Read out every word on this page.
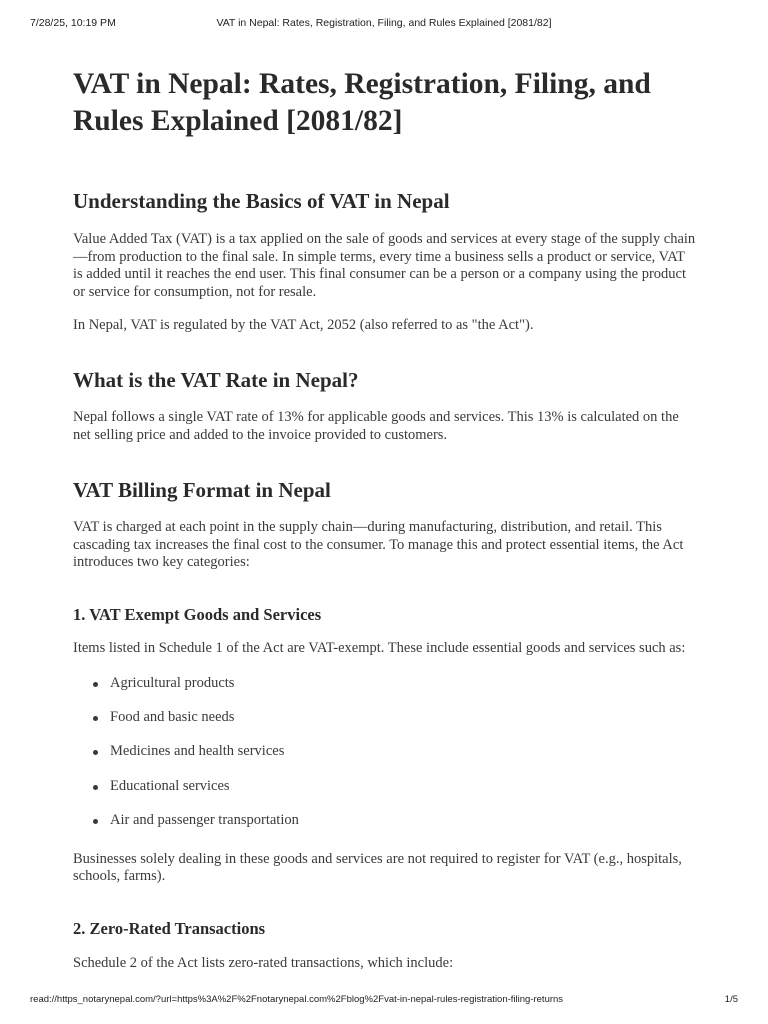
7/28/25, 10:19 PM	VAT in Nepal: Rates, Registration, Filing, and Rules Explained [2081/82]
VAT in Nepal: Rates, Registration, Filing, and Rules Explained [2081/82]
Understanding the Basics of VAT in Nepal

Value Added Tax (VAT) is a tax applied on the sale of goods and services at every stage of the supply chain—from production to the final sale. In simple terms, every time a business sells a product or service, VAT is added until it reaches the end user. This final consumer can be a person or a company using the product or service for consumption, not for resale.

In Nepal, VAT is regulated by the VAT Act, 2052 (also referred to as "the Act").

What is the VAT Rate in Nepal?

Nepal follows a single VAT rate of 13% for applicable goods and services. This 13% is calculated on the net selling price and added to the invoice provided to customers.

VAT Billing Format in Nepal

VAT is charged at each point in the supply chain—during manufacturing, distribution, and retail. This cascading tax increases the final cost to the consumer. To manage this and protect essential items, the Act introduces two key categories:

1. VAT Exempt Goods and Services

Items listed in Schedule 1 of the Act are VAT-exempt. These include essential goods and services such as:

Agricultural products
Food and basic needs
Medicines and health services
Educational services
Air and passenger transportation

Businesses solely dealing in these goods and services are not required to register for VAT (e.g., hospitals, schools, farms).

2. Zero-Rated Transactions

Schedule 2 of the Act lists zero-rated transactions, which include:

read://https_notarynepal.com/?url=https%3A%2F%2Fnotarynepal.com%2Fblog%2Fvat-in-nepal-rules-registration-filing-returns	1/5
